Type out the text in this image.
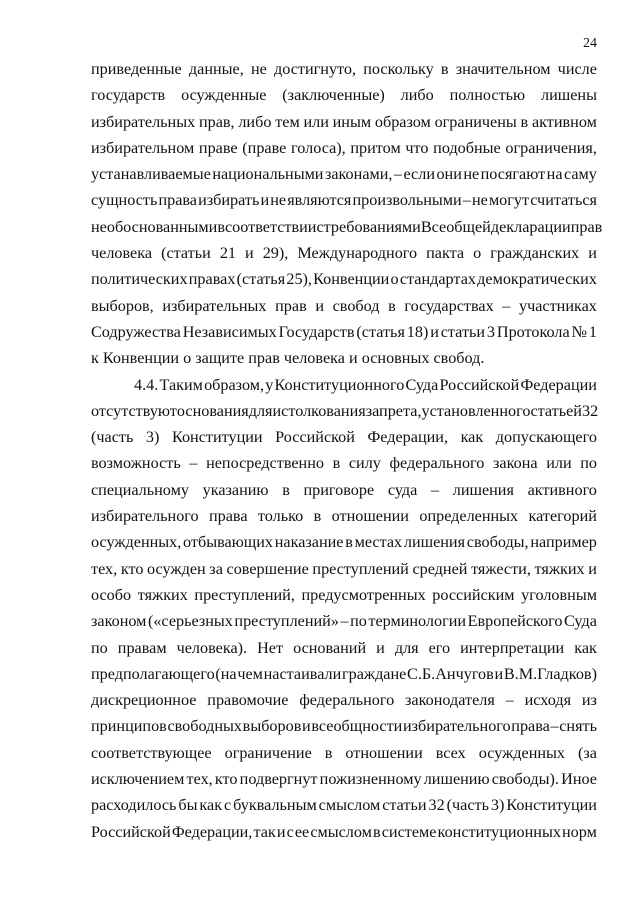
24
приведенные данные, не достигнуто, поскольку в значительном числе
государств осужденные (заключенные) либо полностью лишены
избирательных прав, либо тем или иным образом ограничены в активном
избирательном праве (праве голоса), притом что подобные ограничения,
устанавливаемые национальными законами, – если они не посягают на саму
сущность права избирать и не являются произвольными – не могут считаться
необоснованными в соответствии с требованиями Всеобщей декларации прав
человека (статьи 21 и 29), Международного пакта о гражданских и
политических правах (статья 25), Конвенции о стандартах демократических
выборов, избирательных прав и свобод в государствах – участниках
Содружества Независимых Государств (статья 18) и статьи 3 Протокола № 1
к
Конвенции
о
защите
прав
человека
и
основных
свобод.
4.4. Таким образом, у Конституционного Суда Российской Федерации
отсутствуют основания для истолкования запрета, установленного статьей 32
(часть 3) Конституции Российской Федерации, как допускающего
возможность – непосредственно в силу федерального закона или по
специальному указанию в приговоре суда – лишения активного
избирательного права только в отношении определенных категорий
осужденных, отбывающих наказание в местах лишения свободы, например
тех, кто осужден за совершение преступлений средней тяжести, тяжких и
особо тяжких преступлений, предусмотренных российским уголовным
законом («серьезных преступлений» – по терминологии Европейского Суда
по правам человека). Нет оснований и для его интерпретации как
предполагающего (на чем настаивали граждане С.Б.Анчугов и В.М.Гладков)
дискреционное правомочие федерального законодателя – исходя из
принципов свободных выборов и всеобщности избирательного права – снять
соответствующее ограничение в отношении всех осужденных (за
исключением тех, кто подвергнут пожизненному лишению свободы). Иное
расходилось бы как с буквальным смыслом статьи 32 (часть 3) Конституции
Российской Федерации, так и с ее смыслом в системе конституционных норм
